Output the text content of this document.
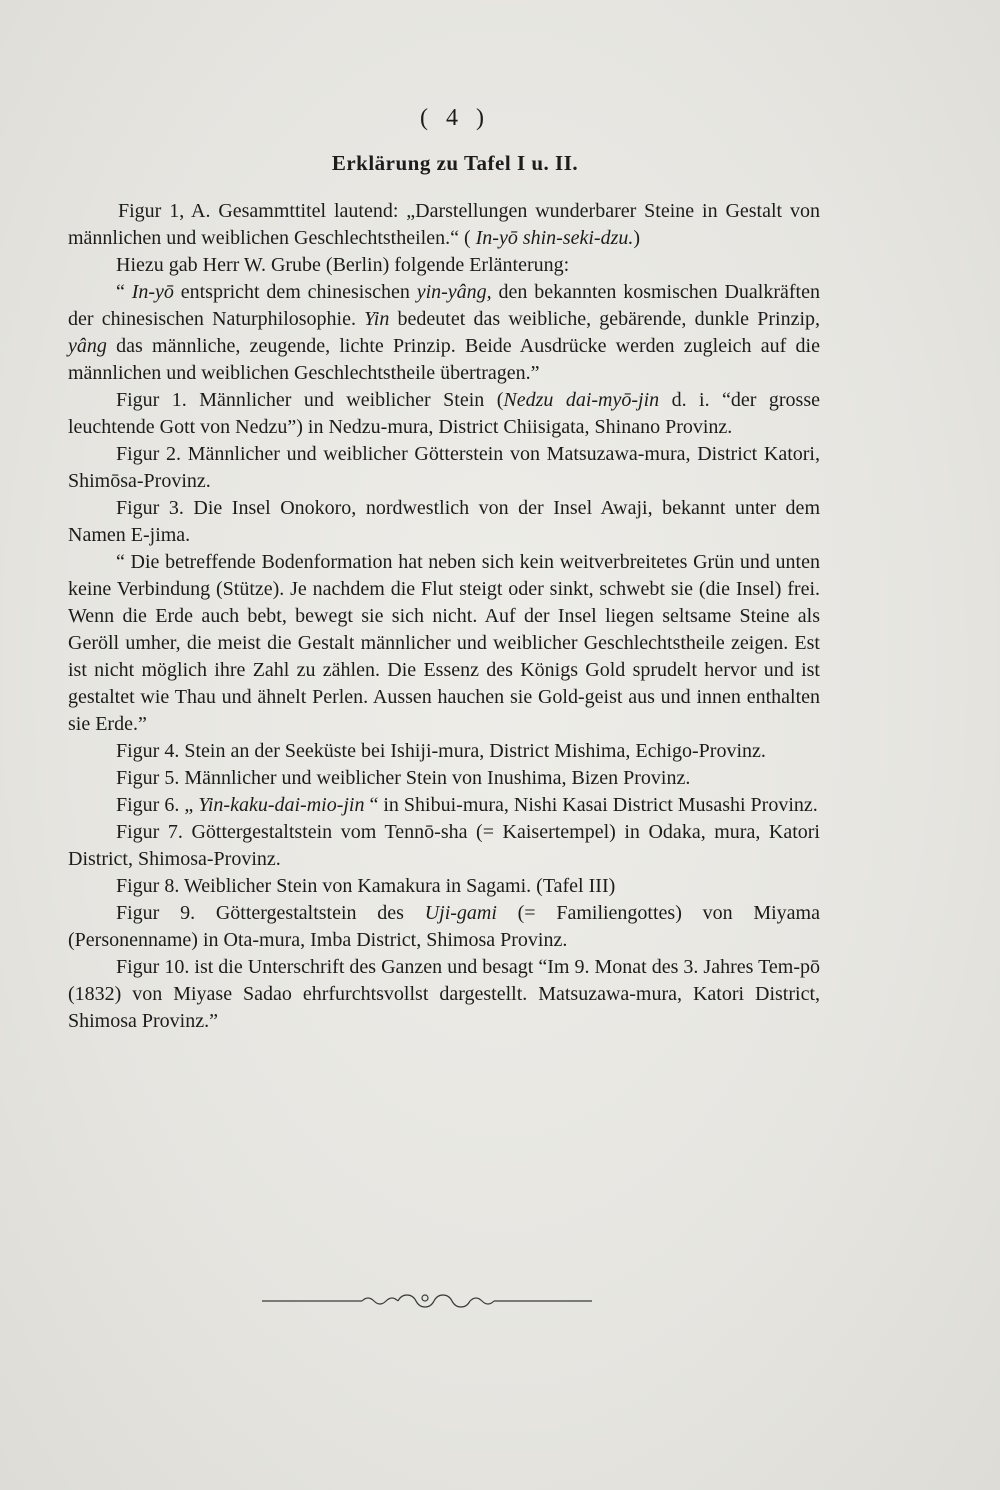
( 4 )
Erklärung zu Tafel I u. II.

Figur 1, A. Gesammttitel lautend: „Darstellungen wunderbarer Steine in Gestalt von männlichen und weiblichen Geschlechtstheilen.“ ( In-yō shin-seki-dzu.)

Hiezu gab Herr W. Grube (Berlin) folgende Erlänterung:

“ In-yō entspricht dem chinesischen yin-yâng, den bekannten kosmischen Dualkräften der chinesischen Naturphilosophie. Yin bedeutet das weibliche, gebärende, dunkle Prinzip, yâng das männliche, zeugende, lichte Prinzip. Beide Ausdrücke werden zugleich auf die männlichen und weiblichen Geschlechtstheile übertragen.”

Figur 1. Männlicher und weiblicher Stein (Nedzu dai-myō-jin d. i. “der grosse leuchtende Gott von Nedzu”) in Nedzu-mura, District Chiisigata, Shinano Provinz.

Figur 2. Männlicher und weiblicher Götterstein von Matsuzawa-mura, District Katori, Shimōsa-Provinz.

Figur 3. Die Insel Onokoro, nordwestlich von der Insel Awaji, bekannt unter dem Namen E-jima.

“ Die betreffende Bodenformation hat neben sich kein weitverbreitetes Grün und unten keine Verbindung (Stütze). Je nachdem die Flut steigt oder sinkt, schwebt sie (die Insel) frei. Wenn die Erde auch bebt, bewegt sie sich nicht. Auf der Insel liegen seltsame Steine als Geröll umher, die meist die Gestalt männlicher und weiblicher Geschlechtstheile zeigen. Est ist nicht möglich ihre Zahl zu zählen. Die Essenz des Königs Gold sprudelt hervor und ist gestaltet wie Thau und ähnelt Perlen. Aussen hauchen sie Gold-geist aus und innen enthalten sie Erde.”

Figur 4. Stein an der Seeküste bei Ishiji-mura, District Mishima, Echigo-Provinz.

Figur 5. Männlicher und weiblicher Stein von Inushima, Bizen Provinz.

Figur 6. „ Yin-kaku-dai-mio-jin “ in Shibui-mura, Nishi Kasai District Musashi Provinz.

Figur 7. Göttergestaltstein vom Tennō-sha (= Kaisertempel) in Odaka, mura, Katori District, Shimosa-Provinz.

Figur 8. Weiblicher Stein von Kamakura in Sagami. (Tafel III)

Figur 9. Göttergestaltstein des Uji-gami (= Familiengottes) von Miyama (Personenname) in Ota-mura, Imba District, Shimosa Provinz.

Figur 10. ist die Unterschrift des Ganzen und besagt “Im 9. Monat des 3. Jahres Tem-pō (1832) von Miyase Sadao ehrfurchtsvollst dargestellt. Matsuzawa-mura, Katori District, Shimosa Provinz.”
